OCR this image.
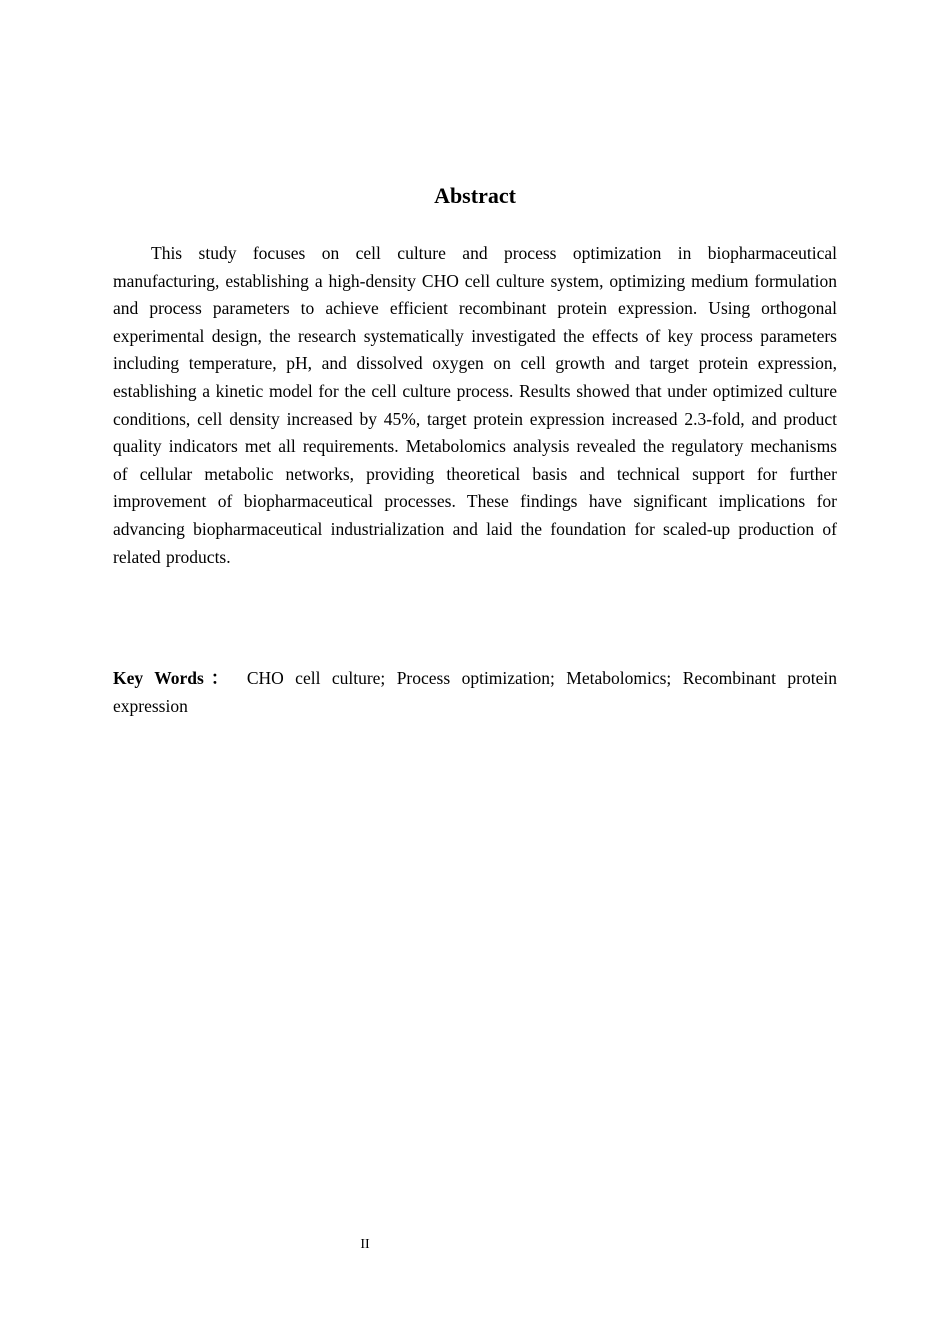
Abstract

This study focuses on cell culture and process optimization in biopharmaceutical manufacturing, establishing a high-density CHO cell culture system, optimizing medium formulation and process parameters to achieve efficient recombinant protein expression. Using orthogonal experimental design, the research systematically investigated the effects of key process parameters including temperature, pH, and dissolved oxygen on cell growth and target protein expression, establishing a kinetic model for the cell culture process. Results showed that under optimized culture conditions, cell density increased by 45%, target protein expression increased 2.3-fold, and product quality indicators met all requirements. Metabolomics analysis revealed the regulatory mechanisms of cellular metabolic networks, providing theoretical basis and technical support for further improvement of biopharmaceutical processes. These findings have significant implications for advancing biopharmaceutical industrialization and laid the foundation for scaled-up production of related products.

Key Words： CHO cell culture; Process optimization; Metabolomics; Recombinant protein expression

II
